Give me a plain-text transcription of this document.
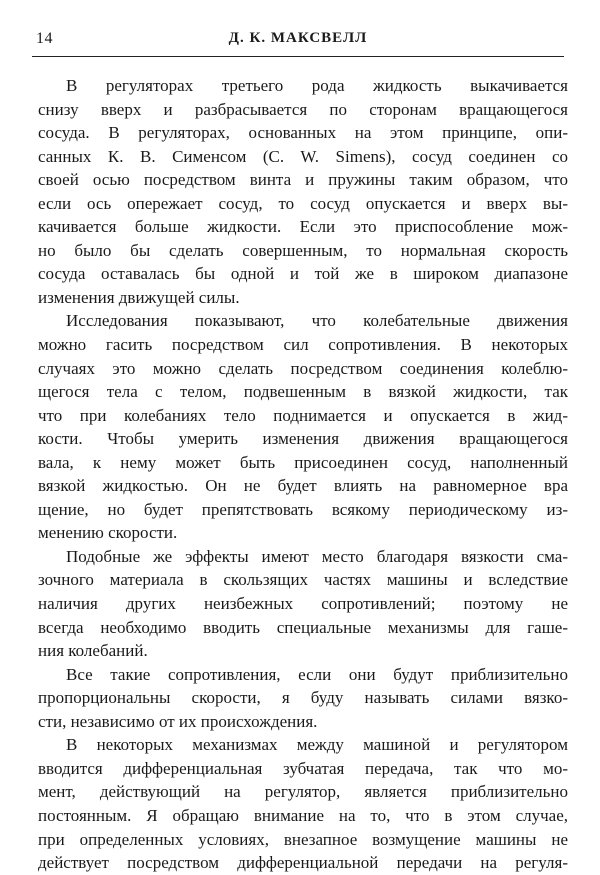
14	Д. К. МАКСВЕЛЛ
В регуляторах третьего рода жидкость выкачивается
снизу вверх и разбрасывается по сторонам вращающегося
сосуда. В регуляторах, основанных на этом принципе, опи-
санных К. В. Сименсом (C. W. Simens), сосуд соединен со
своей осью посредством винта и пружины таким образом, что
если ось опережает сосуд, то сосуд опускается и вверх вы-
качивается больше жидкости. Если это приспособление мож-
но было бы сделать совершенным, то нормальная скорость
сосуда оставалась бы одной и той же в широком диапазоне
изменения движущей силы.
Исследования показывают, что колебательные движения
можно гасить посредством сил сопротивления. В некоторых
случаях это можно сделать посредством соединения колеблю-
щегося тела с телом, подвешенным в вязкой жидкости, так
что при колебаниях тело поднимается и опускается в жид-
кости. Чтобы умерить изменения движения вращающегося
вала, к нему может быть присоединен сосуд, наполненный
вязкой жидкостью. Он не будет влиять на равномерное вра
щение, но будет препятствовать всякому периодическому из-
менению скорости.
Подобные же эффекты имеют место благодаря вязкости сма-
зочного материала в скользящих частях машины и вследствие
наличия других неизбежных сопротивлений; поэтому не
всегда необходимо вводить специальные механизмы для гаше-
ния колебаний.
Все такие сопротивления, если они будут приблизительно
пропорциональны скорости, я буду называть силами вязко-
сти, независимо от их происхождения.
В некоторых механизмах между машиной и регулятором
вводится дифференциальная зубчатая передача, так что мо-
мент, действующий на регулятор, является приблизительно
постоянным. Я обращаю внимание на то, что в этом случае,
при определенных условиях, внезапное возмущение машины не
действует посредством дифференциальной передачи на регуля-
